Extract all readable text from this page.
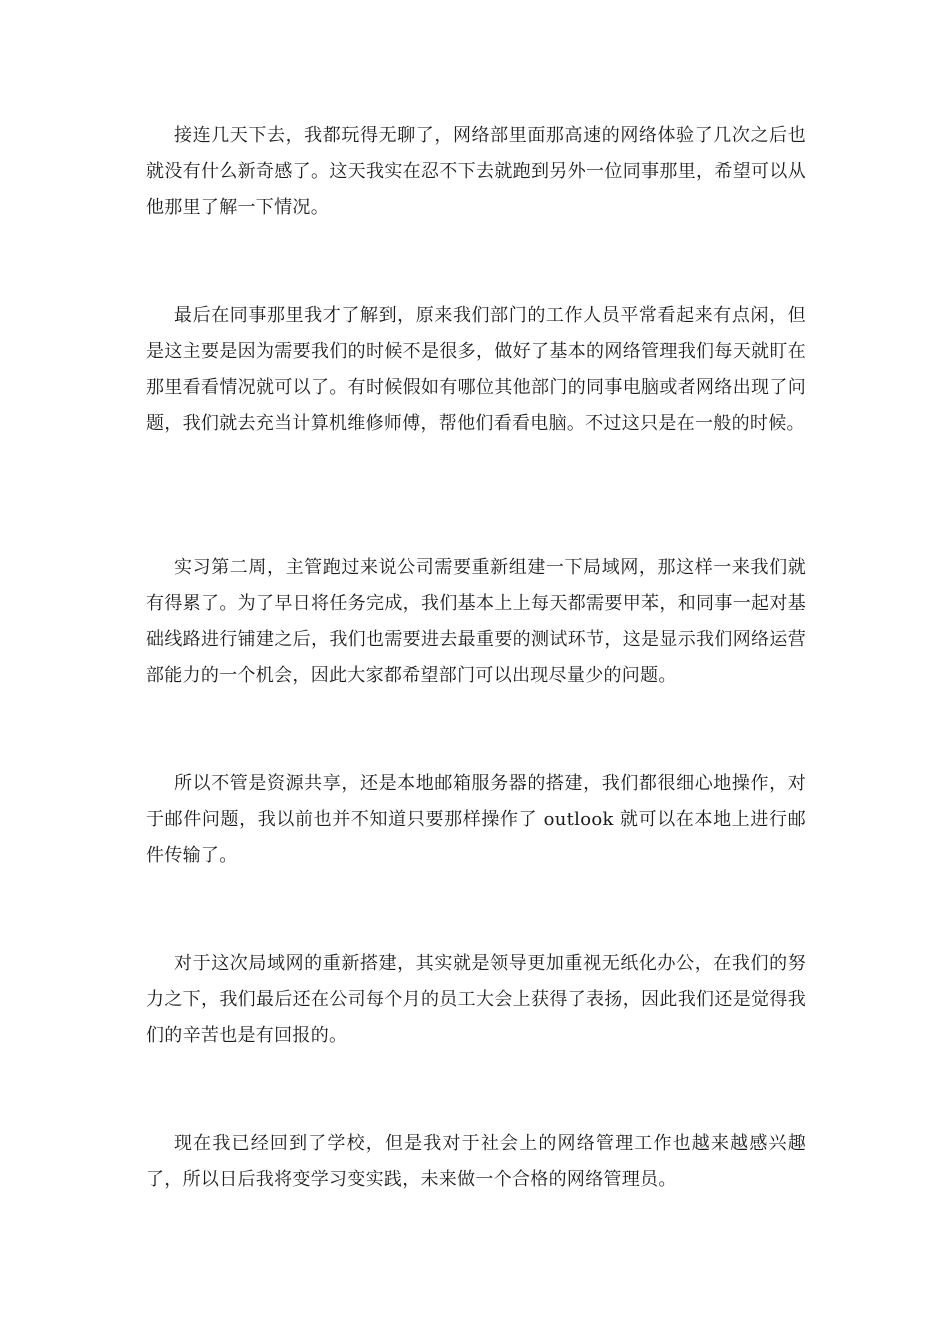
接连几天下去，我都玩得无聊了，网络部里面那高速的网络体验了几次之后也就没有什么新奇感了。这天我实在忍不下去就跑到另外一位同事那里，希望可以从他那里了解一下情况。

最后在同事那里我才了解到，原来我们部门的工作人员平常看起来有点闲，但是这主要是因为需要我们的时候不是很多，做好了基本的网络管理我们每天就盯在那里看看情况就可以了。有时候假如有哪位其他部门的同事电脑或者网络出现了问题，我们就去充当计算机维修师傅，帮他们看看电脑。不过这只是在一般的时候。

实习第二周，主管跑过来说公司需要重新组建一下局域网，那这样一来我们就有得累了。为了早日将任务完成，我们基本上上每天都需要甲苯，和同事一起对基础线路进行铺建之后，我们也需要进去最重要的测试环节，这是显示我们网络运营部能力的一个机会，因此大家都希望部门可以出现尽量少的问题。

所以不管是资源共享，还是本地邮箱服务器的搭建，我们都很细心地操作，对于邮件问题，我以前也并不知道只要那样操作了 outlook 就可以在本地上进行邮件传输了。

对于这次局域网的重新搭建，其实就是领导更加重视无纸化办公，在我们的努力之下，我们最后还在公司每个月的员工大会上获得了表扬，因此我们还是觉得我们的辛苦也是有回报的。

现在我已经回到了学校，但是我对于社会上的网络管理工作也越来越感兴趣了，所以日后我将变学习变实践，未来做一个合格的网络管理员。
